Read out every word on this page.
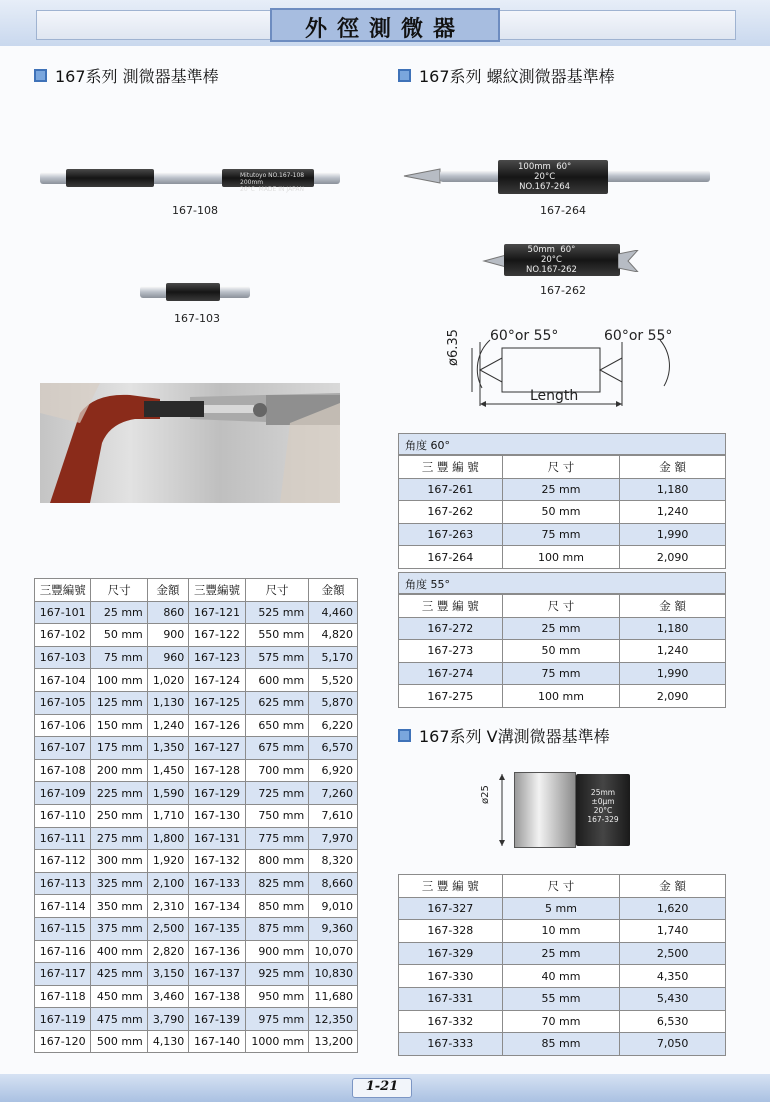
外徑測微器
167系列 測微器基準棒	167系列 螺紋測微器基準棒
Mitutoyo NO.167-108
200mm
20°C  MADE IN JAPAN
167-108
167-103
100mm  60°
20°C
NO.167-264
167-264
50mm  60°
20°C
NO.167-262
167-262
60°or 55°	60°or 55°
ø6.35
Length
三豐編號	尺寸	金額	三豐編號	尺寸	金額
167-101	25 mm	860	167-121	525 mm	4,460
167-102	50 mm	900	167-122	550 mm	4,820
167-103	75 mm	960	167-123	575 mm	5,170
167-104	100 mm	1,020	167-124	600 mm	5,520
167-105	125 mm	1,130	167-125	625 mm	5,870
167-106	150 mm	1,240	167-126	650 mm	6,220
167-107	175 mm	1,350	167-127	675 mm	6,570
167-108	200 mm	1,450	167-128	700 mm	6,920
167-109	225 mm	1,590	167-129	725 mm	7,260
167-110	250 mm	1,710	167-130	750 mm	7,610
167-111	275 mm	1,800	167-131	775 mm	7,970
167-112	300 mm	1,920	167-132	800 mm	8,320
167-113	325 mm	2,100	167-133	825 mm	8,660
167-114	350 mm	2,310	167-134	850 mm	9,010
167-115	375 mm	2,500	167-135	875 mm	9,360
167-116	400 mm	2,820	167-136	900 mm	10,070
167-117	425 mm	3,150	167-137	925 mm	10,830
167-118	450 mm	3,460	167-138	950 mm	11,680
167-119	475 mm	3,790	167-139	975 mm	12,350
167-120	500 mm	4,130	167-140	1000 mm	13,200
角度 60°
三 豐 編 號	尺 寸	金 額
167-261	25 mm	1,180
167-262	50 mm	1,240
167-263	75 mm	1,990
167-264	100 mm	2,090
角度 55°
三 豐 編 號	尺 寸	金 額
167-272	25 mm	1,180
167-273	50 mm	1,240
167-274	75 mm	1,990
167-275	100 mm	2,090
167系列 V溝測微器基準棒
ø25	25mm
±0μm
20°C
167-329
三 豐 編 號	尺 寸	金 額
167-327	5 mm	1,620
167-328	10 mm	1,740
167-329	25 mm	2,500
167-330	40 mm	4,350
167-331	55 mm	5,430
167-332	70 mm	6,530
167-333	85 mm	7,050
1-21
